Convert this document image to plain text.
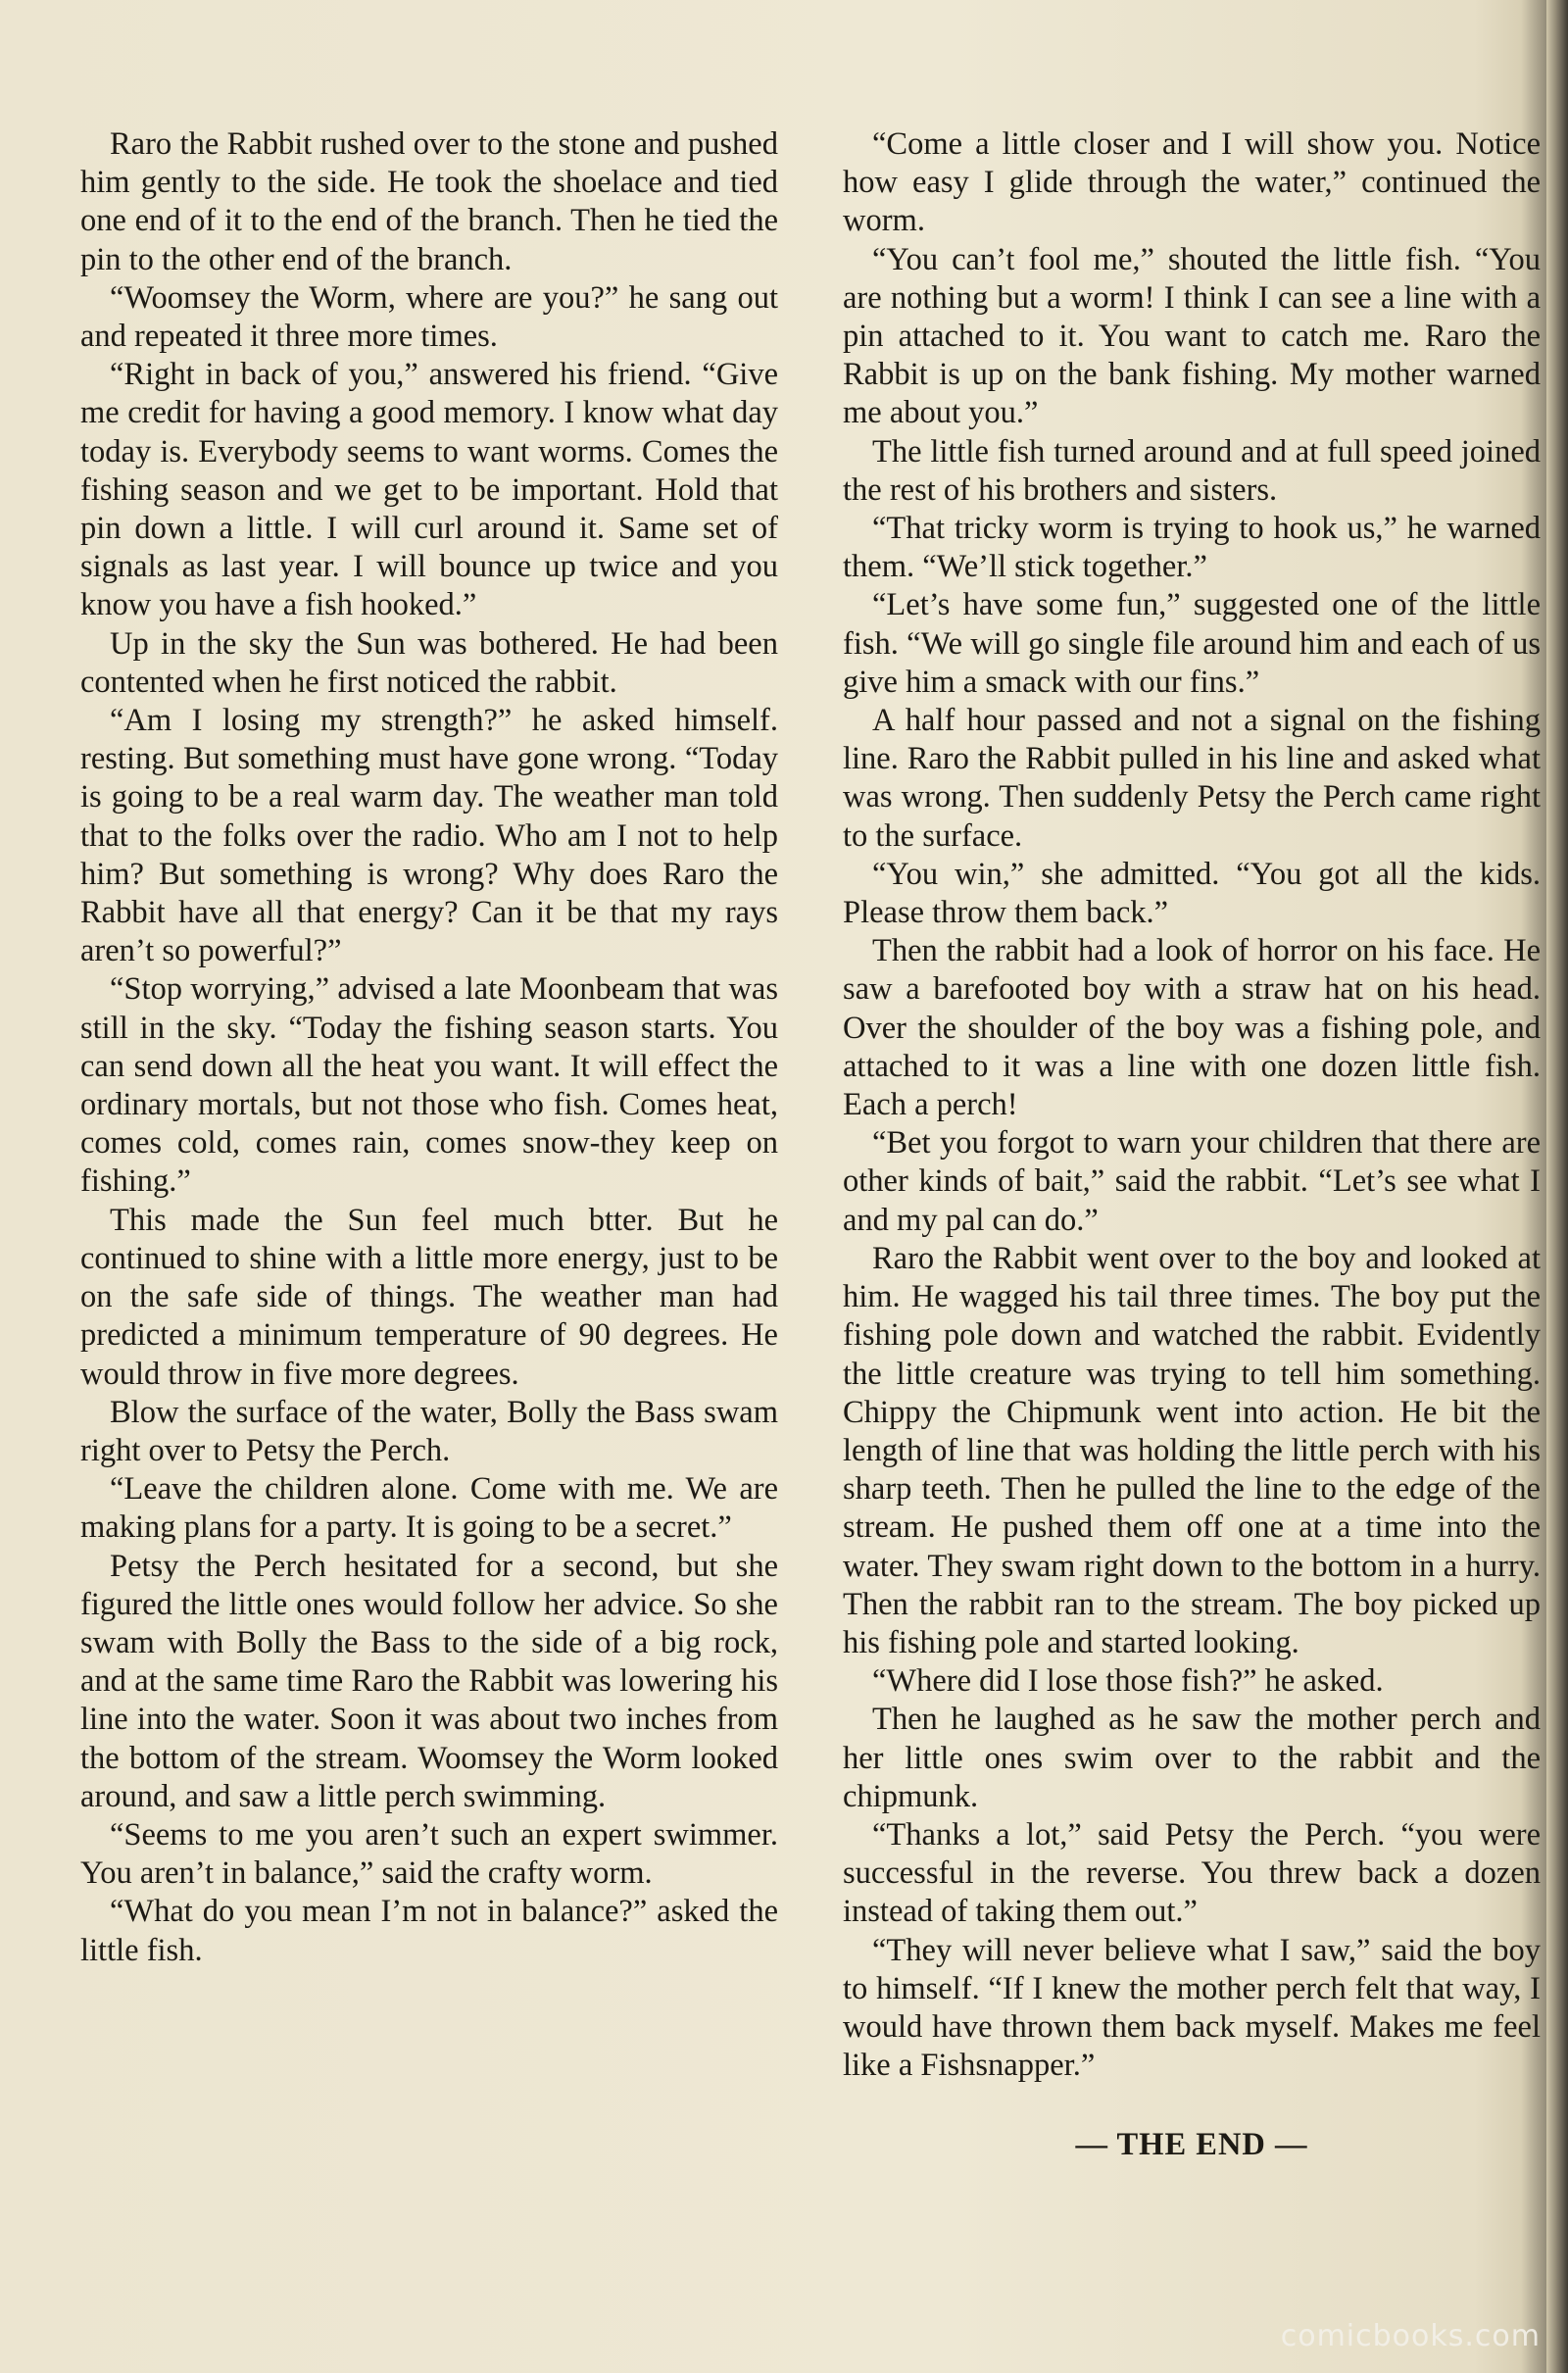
Raro the Rabbit rushed over to the stone and pushed him gently to the side. He took the shoelace and tied one end of it to the end of the branch. Then he tied the pin to the other end of the branch.

“Woomsey the Worm, where are you?” he sang out and repeated it three more times.

“Right in back of you,” answered his friend. “Give me credit for having a good memory. I know what day today is. Everybody seems to want worms. Comes the fishing season and we get to be important. Hold that pin down a little. I will curl around it. Same set of signals as last year. I will bounce up twice and you know you have a fish hooked.”

Up in the sky the Sun was bothered. He had been contented when he first noticed the rabbit.

“Am I losing my strength?” he asked himself. resting. But something must have gone wrong. “Today is going to be a real warm day. The weather man told that to the folks over the radio. Who am I not to help him? But something is wrong? Why does Raro the Rabbit have all that energy? Can it be that my rays aren’t so powerful?”

“Stop worrying,” advised a late Moonbeam that was still in the sky. “Today the fishing season starts. You can send down all the heat you want. It will effect the ordinary mortals, but not those who fish. Comes heat, comes cold, comes rain, comes snow-they keep on fishing.”

This made the Sun feel much btter. But he continued to shine with a little more energy, just to be on the safe side of things. The weather man had predicted a minimum temperature of 90 degrees. He would throw in five more degrees.

Blow the surface of the water, Bolly the Bass swam right over to Petsy the Perch.

“Leave the children alone. Come with me. We are making plans for a party. It is going to be a secret.”

Petsy the Perch hesitated for a second, but she figured the little ones would follow her advice. So she swam with Bolly the Bass to the side of a big rock, and at the same time Raro the Rabbit was lowering his line into the water. Soon it was about two inches from the bottom of the stream. Woomsey the Worm looked around, and saw a little perch swimming.

“Seems to me you aren’t such an expert swimmer. You aren’t in balance,” said the crafty worm.

“What do you mean I’m not in balance?” asked the little fish.

“Come a little closer and I will show you. Notice how easy I glide through the water,” continued the worm.

“You can’t fool me,” shouted the little fish. “You are nothing but a worm! I think I can see a line with a pin attached to it. You want to catch me. Raro the Rabbit is up on the bank fishing. My mother warned me about you.”

The little fish turned around and at full speed joined the rest of his brothers and sisters.

“That tricky worm is trying to hook us,” he warned them. “We’ll stick together.”

“Let’s have some fun,” suggested one of the little fish. “We will go single file around him and each of us give him a smack with our fins.”

A half hour passed and not a signal on the fishing line. Raro the Rabbit pulled in his line and asked what was wrong. Then suddenly Petsy the Perch came right to the surface.

“You win,” she admitted. “You got all the kids. Please throw them back.”

Then the rabbit had a look of horror on his face. He saw a barefooted boy with a straw hat on his head. Over the shoulder of the boy was a fishing pole, and attached to it was a line with one dozen little fish. Each a perch!

“Bet you forgot to warn your children that there are other kinds of bait,” said the rabbit. “Let’s see what I and my pal can do.”

Raro the Rabbit went over to the boy and looked at him. He wagged his tail three times. The boy put the fishing pole down and watched the rabbit. Evidently the little creature was trying to tell him something. Chippy the Chipmunk went into action. He bit the length of line that was holding the little perch with his sharp teeth. Then he pulled the line to the edge of the stream. He pushed them off one at a time into the water. They swam right down to the bottom in a hurry. Then the rabbit ran to the stream. The boy picked up his fishing pole and started looking.

“Where did I lose those fish?” he asked.

Then he laughed as he saw the mother perch and her little ones swim over to the rabbit and the chipmunk.

“Thanks a lot,” said Petsy the Perch. “you were successful in the reverse. You threw back a dozen instead of taking them out.”

“They will never believe what I saw,” said the boy to himself. “If I knew the mother perch felt that way, I would have thrown them back myself. Makes me feel like a Fishsnapper.”

— THE END —

comicbooks.com
